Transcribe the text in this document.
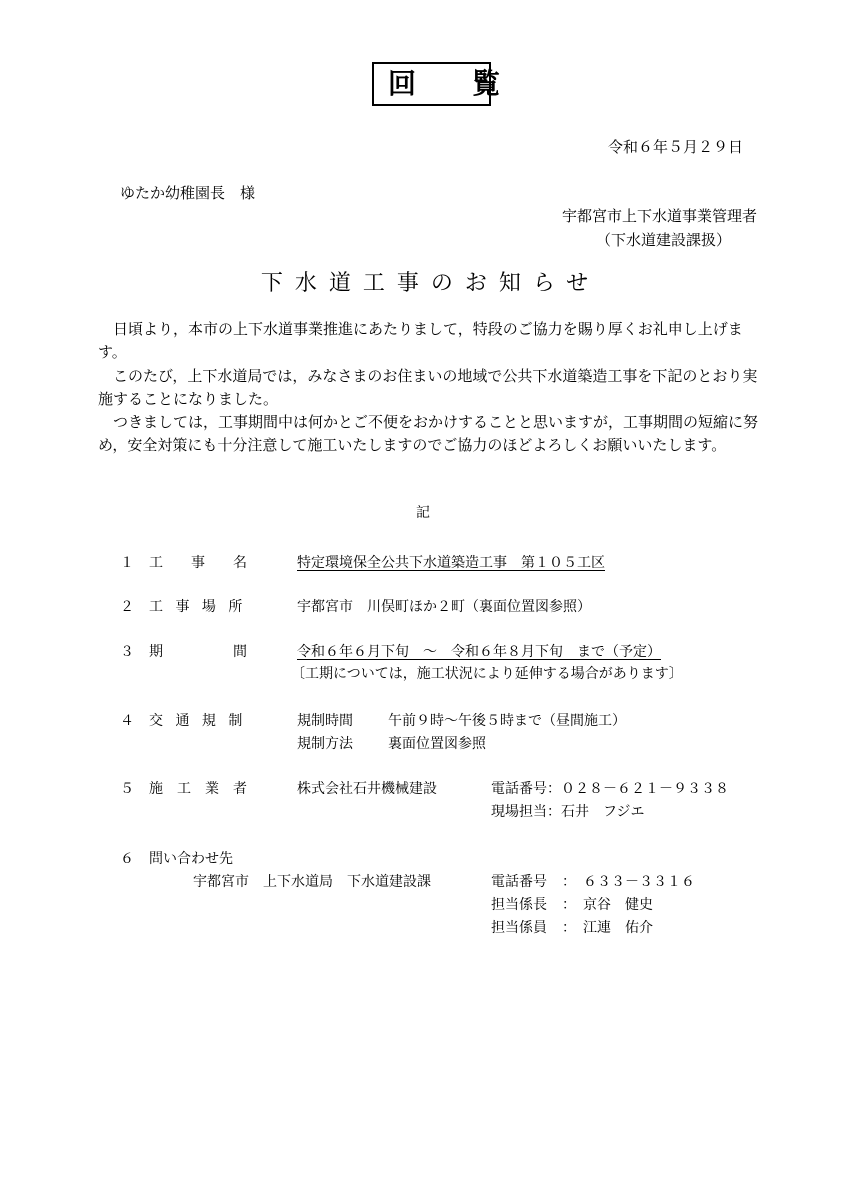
回　覧
令和６年５月２９日
ゆたか幼稚園長　様
宇都宮市上下水道事業管理者
（下水道建設課扱）
下水道工事のお知らせ

日頃より，本市の上下水道事業推進にあたりまして，特段のご協力を賜り厚くお礼申し上げます。

このたび，上下水道局では，みなさまのお住まいの地域で公共下水道築造工事を下記のとおり実施することになりました。

つきましては，工事期間中は何かとご不便をおかけすることと思いますが，工事期間の短縮に努め，安全対策にも十分注意して施工いたしますのでご協力のほどよろしくお願いいたします。

記
１ 工　　事　　名	特定環境保全公共下水道築造工事　第１０５工区
２ 工 事 場 所	宇都宮市　川俣町ほか２町（裏面位置図参照）
３ 期　　　　　間	令和６年６月下旬　～　令和６年８月下旬　まで（予定）
〔工期については，施工状況により延伸する場合があります〕
４ 交 通 規 制	規制時間	午前９時～午後５時まで（昼間施工）
規制方法	裏面位置図参照
５ 施　工　業　者	株式会社石井機械建設	電話番号：０２８－６２１－９３３８
現場担当：石井　フジエ
６ 問い合わせ先
宇都宮市　上下水道局　下水道建設課	電話番号 ： ６３３－３３１６
担当係長 ： 京谷　健史
担当係員 ： 江連　佑介
